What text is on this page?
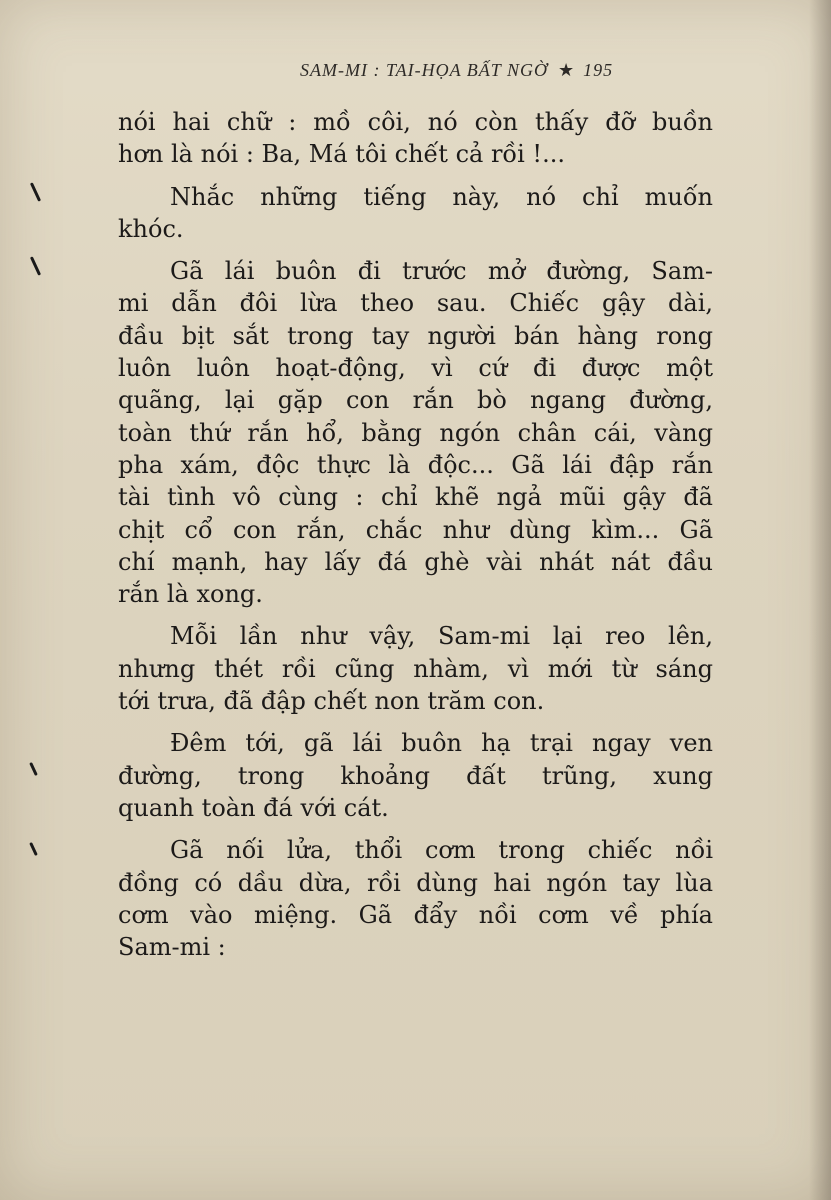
SAM-MI : TAI-HỌA BẤT NGỜ ★ 195
nói hai chữ : mồ côi, nó còn thấy đỡ buồn
hơn là nói : Ba, Má tôi chết cả rồi !...
Nhắc những tiếng này, nó chỉ muốn
khóc.
Gã lái buôn đi trước mở đường, Sam-
mi dẫn đôi lừa theo sau. Chiếc gậy dài,
đầu bịt sắt trong tay người bán hàng rong
luôn luôn hoạt-động, vì cứ đi được một
quãng, lại gặp con rắn bò ngang đường,
toàn thứ rắn hổ, bằng ngón chân cái, vàng
pha xám, độc thực là độc... Gã lái đập rắn
tài tình vô cùng : chỉ khẽ ngả mũi gậy đã
chịt cổ con rắn, chắc như dùng kìm... Gã
chí mạnh, hay lấy đá ghè vài nhát nát đầu
rắn là xong.
Mỗi lần như vậy, Sam-mi lại reo lên,
nhưng thét rồi cũng nhàm, vì mới từ sáng
tới trưa, đã đập chết non trăm con.
Đêm tới, gã lái buôn hạ trại ngay ven
đường, trong khoảng đất trũng, xung
quanh toàn đá với cát.
Gã nối lửa, thổi cơm trong chiếc nồi
đồng có dầu dừa, rồi dùng hai ngón tay lùa
cơm vào miệng. Gã đẩy nồi cơm về phía
Sam-mi :
